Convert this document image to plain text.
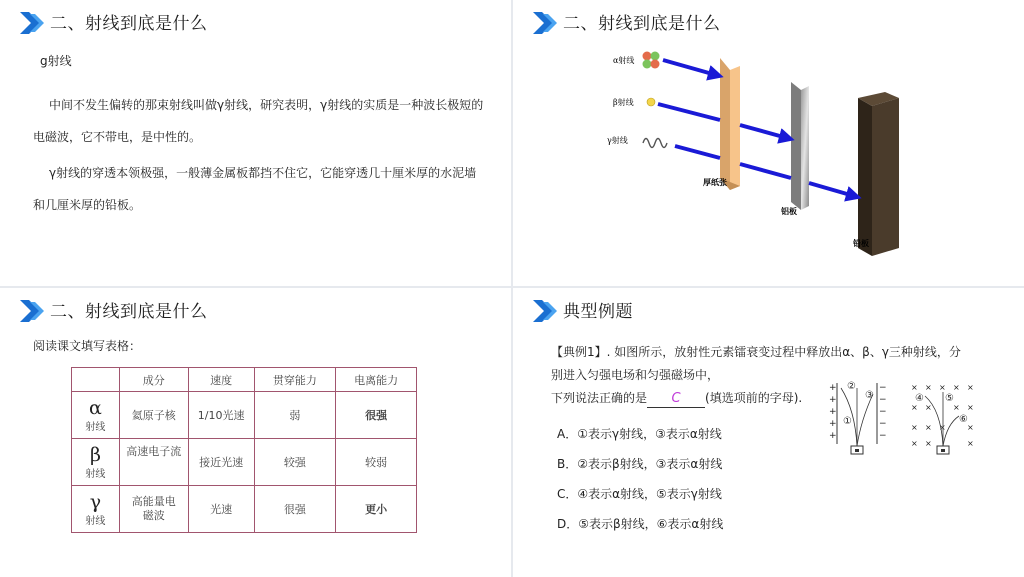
二、射线到底是什么
g射线

中间不发生偏转的那束射线叫做γ射线，研究表明，γ射线的实质是一种波长极短的电磁波，它不带电，是中性的。

γ射线的穿透本领极强，一般薄金属板都挡不住它，它能穿透几十厘米厚的水泥墙和几厘米厚的铅板。

二、射线到底是什么
α射线
β射线
γ射线
厚纸张
铝板
铅板
二、射线到底是什么
阅读课文填写表格：
	成分	速度	贯穿能力	电离能力

α
射线	氦原子核	1/10光速	弱	很强

β
射线	高速电子流	接近光速	较强	较弱

γ
射线	高能量电磁波	光速	很强	更小
典型例题
【典例1】. 如图所示，放射性元素镭衰变过程中释放出α、β、γ三种射线，分
别进入匀强电场和匀强磁场中，
下列说法正确的是 C (填选项前的字母).
A．①表示γ射线，③表示α射线
B．②表示β射线，③表示α射线
C．④表示α射线，⑤表示γ射线
D．⑤表示β射线，⑥表示α射线
+
+
+
+
+
−
−
−
−
−
②
③
①
× × × × ×
× ×	× ×
× × ×	×
× ×	×
④ ⑤
⑥
